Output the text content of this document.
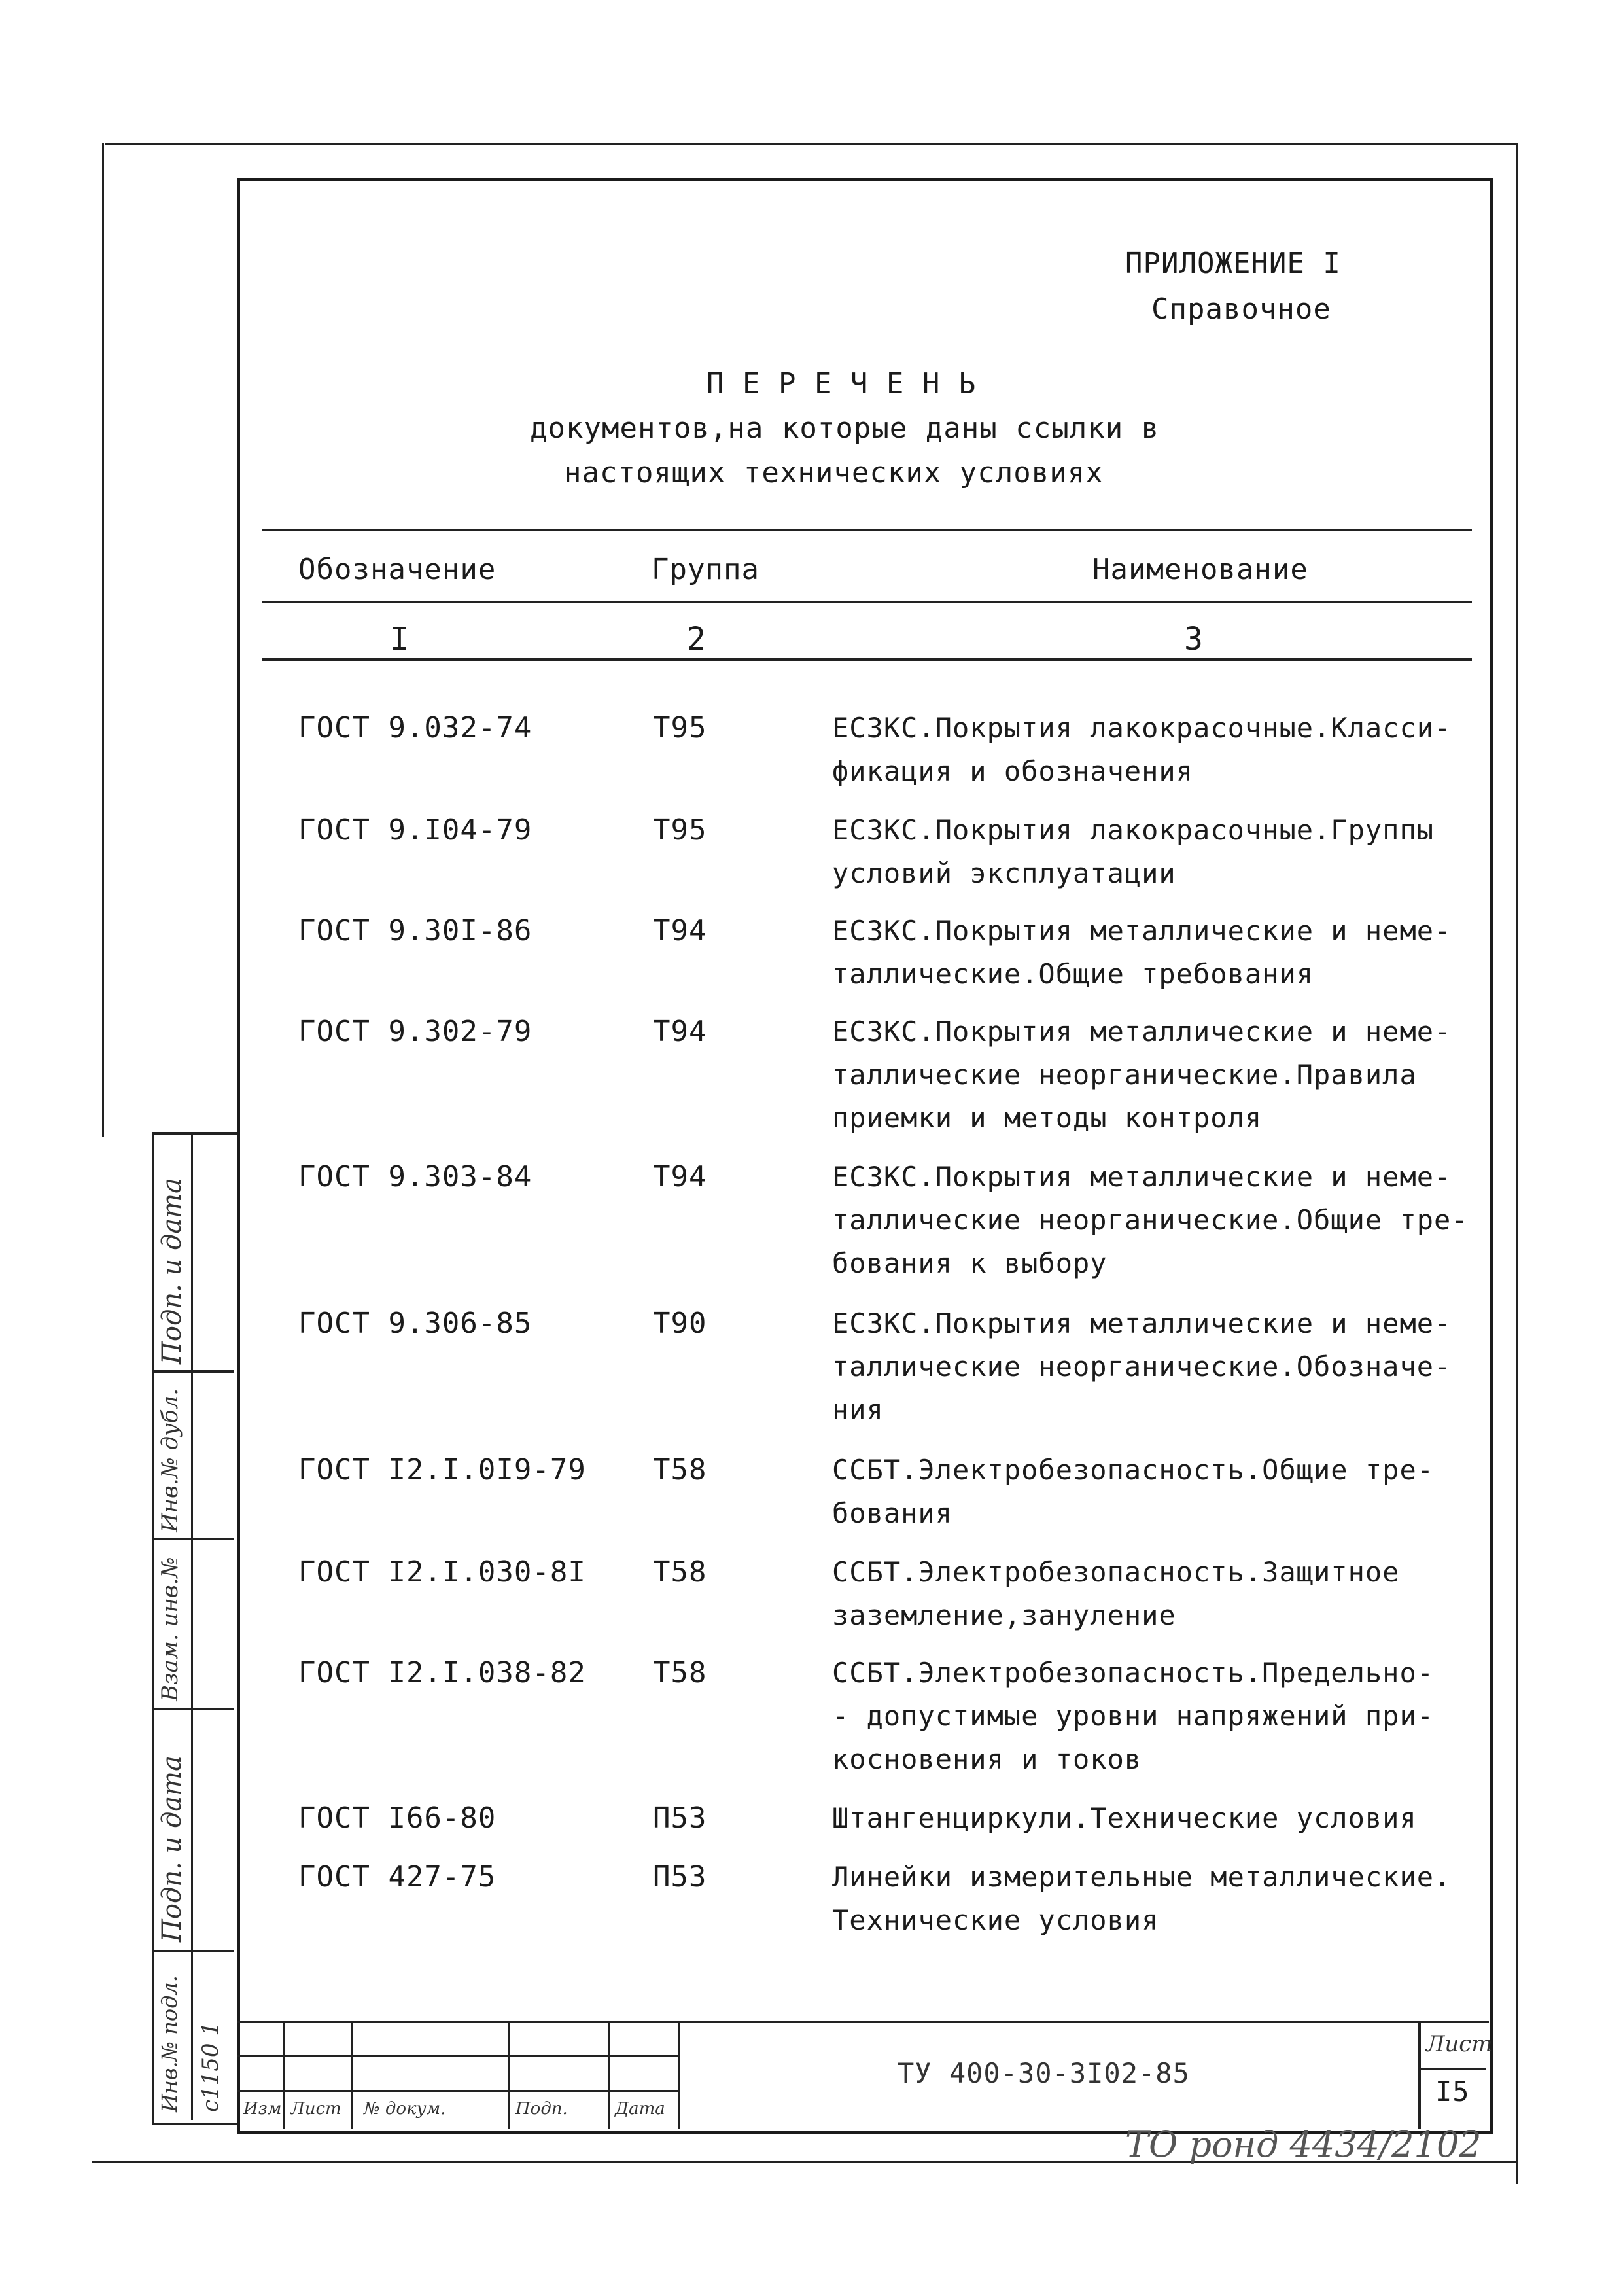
ПРИЛОЖЕНИЕ I
Справочное
П Е Р Е Ч Е Н Ь
документов,на которые даны ссылки в
настоящих технических условиях
Обозначение	Группа	Наименование
I	2	3
ГОСТ 9.032-74	Т95	ЕСЗКС.Покрытия лакокрасочные.Класси-
фикация и обозначения
ГОСТ 9.I04-79	Т95	ЕСЗКС.Покрытия лакокрасочные.Группы
условий эксплуатации
ГОСТ 9.30I-86	Т94	ЕСЗКС.Покрытия металлические и неме-
таллические.Общие требования
ГОСТ 9.302-79	Т94	ЕСЗКС.Покрытия металлические и неме-
таллические неорганические.Правила
приемки и методы контроля
ГОСТ 9.303-84	Т94	ЕСЗКС.Покрытия металлические и неме-
таллические неорганические.Общие тре-
бования к выбору
ГОСТ 9.306-85	Т90	ЕСЗКС.Покрытия металлические и неме-
таллические неорганические.Обозначе-
ния
ГОСТ I2.I.0I9-79 Т58	ССБТ.Электробезопасность.Общие тре-
бования
ГОСТ I2.I.030-8I Т58	ССБТ.Электробезопасность.Защитное
заземление,зануление
ГОСТ I2.I.038-82 Т58	ССБТ.Электробезопасность.Предельно-
- допустимые уровни напряжений при-
косновения и токов
ГОСТ I66-80	П53	Штангенциркули.Технические условия
ГОСТ 427-75	П53	Линейки измерительные металлические.
Технические условия
Подп. и дата
Инв.№ дубл.
Взам. инв.№
Подп. и дата
Инв.№ подл. с1150 1 Изм Лист № докум.	Подп.	Дата
ТУ 400-30-3I02-85
Лист
I5
ТО ронд 4434/2102
